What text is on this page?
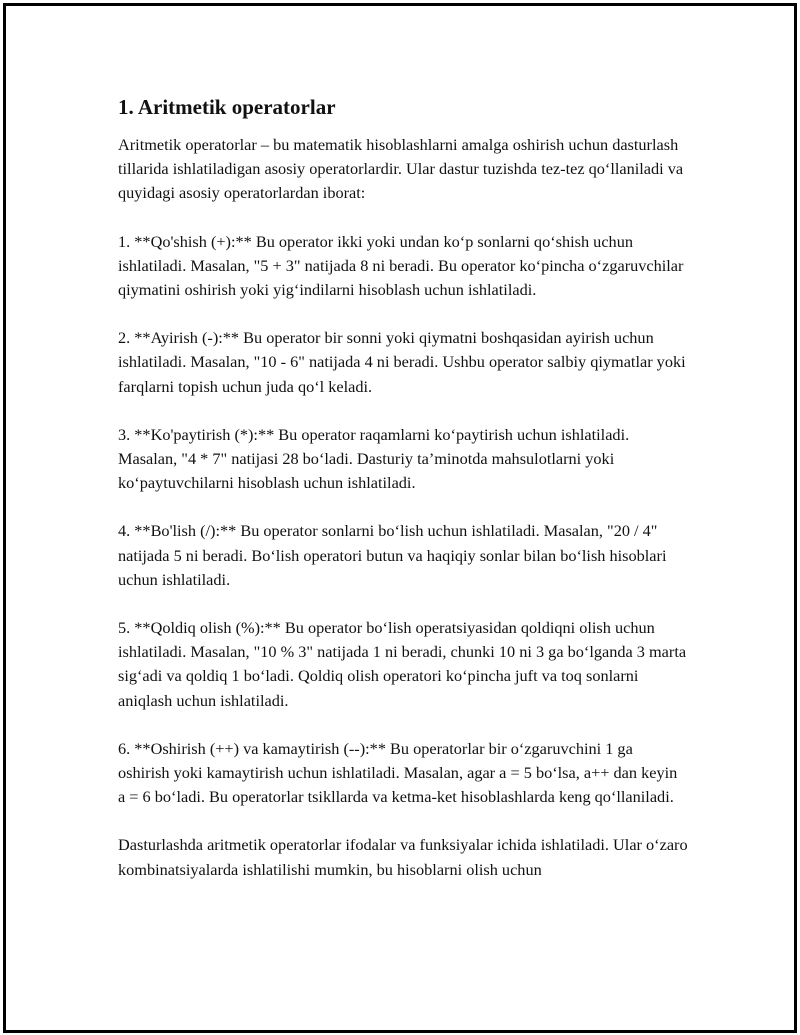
1. Aritmetik operatorlar

Aritmetik operatorlar – bu matematik hisoblashlarni amalga oshirish uchun dasturlash tillarida ishlatiladigan asosiy operatorlardir. Ular dastur tuzishda tez-tez qo‘llaniladi va quyidagi asosiy operatorlardan iborat:

1. **Qo'shish (+):** Bu operator ikki yoki undan ko‘p sonlarni qo‘shish uchun ishlatiladi. Masalan, "5 + 3" natijada 8 ni beradi. Bu operator ko‘pincha o‘zgaruvchilar qiymatini oshirish yoki yig‘indilarni hisoblash uchun ishlatiladi.

2. **Ayirish (-):** Bu operator bir sonni yoki qiymatni boshqasidan ayirish uchun ishlatiladi. Masalan, "10 - 6" natijada 4 ni beradi. Ushbu operator salbiy qiymatlar yoki farqlarni topish uchun juda qo‘l keladi.

3. **Ko'paytirish (*):** Bu operator raqamlarni ko‘paytirish uchun ishlatiladi. Masalan, "4 * 7" natijasi 28 bo‘ladi. Dasturiy ta’minotda mahsulotlarni yoki ko‘paytuvchilarni hisoblash uchun ishlatiladi.

4. **Bo'lish (/):** Bu operator sonlarni bo‘lish uchun ishlatiladi. Masalan, "20 / 4" natijada 5 ni beradi. Bo‘lish operatori butun va haqiqiy sonlar bilan bo‘lish hisoblari uchun ishlatiladi.

5. **Qoldiq olish (%):** Bu operator bo‘lish operatsiyasidan qoldiqni olish uchun ishlatiladi. Masalan, "10 % 3" natijada 1 ni beradi, chunki 10 ni 3 ga bo‘lganda 3 marta sig‘adi va qoldiq 1 bo‘ladi. Qoldiq olish operatori ko‘pincha juft va toq sonlarni aniqlash uchun ishlatiladi.

6. **Oshirish (++) va kamaytirish (--):** Bu operatorlar bir o‘zgaruvchini 1 ga oshirish yoki kamaytirish uchun ishlatiladi. Masalan, agar a = 5 bo‘lsa, a++ dan keyin a = 6 bo‘ladi. Bu operatorlar tsikllarda va ketma-ket hisoblashlarda keng qo‘llaniladi.

Dasturlashda aritmetik operatorlar ifodalar va funksiyalar ichida ishlatiladi. Ular o‘zaro kombinatsiyalarda ishlatilishi mumkin, bu hisoblarni olish uchun
